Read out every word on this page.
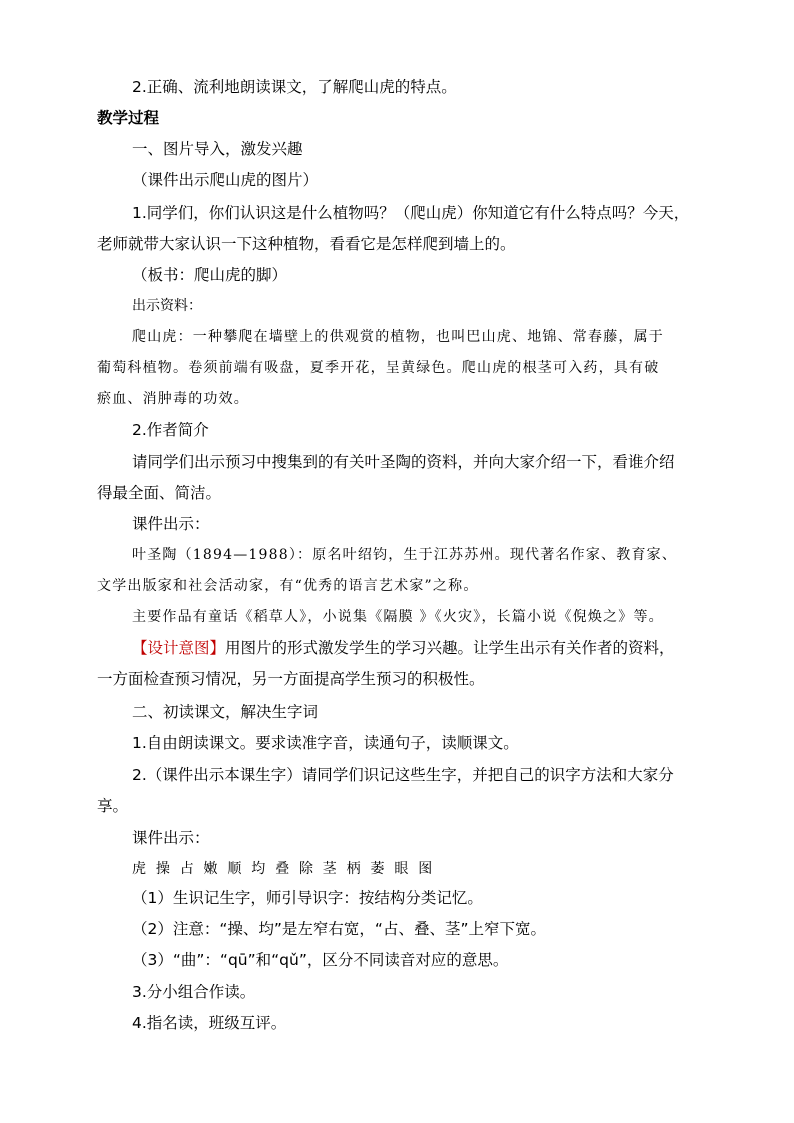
2.正确、流利地朗读课文，了解爬山虎的特点。
教学过程
一、图片导入，激发兴趣
（课件出示爬山虎的图片）
1.同学们，你们认识这是什么植物吗？（爬山虎）你知道它有什么特点吗？今天，
老师就带大家认识一下这种植物，看看它是怎样爬到墙上的。
（板书：爬山虎的脚）
出示资料：
爬山虎：一种攀爬在墙壁上的供观赏的植物，也叫巴山虎、地锦、常春藤，属于
葡萄科植物。卷须前端有吸盘，夏季开花，呈黄绿色。爬山虎的根茎可入药，具有破
瘀血、消肿毒的功效。
2.作者简介
请同学们出示预习中搜集到的有关叶圣陶的资料，并向大家介绍一下，看谁介绍
得最全面、简洁。
课件出示：
叶圣陶（1894—1988）：原名叶绍钧，生于江苏苏州。现代著名作家、教育家、
文学出版家和社会活动家，有“优秀的语言艺术家”之称。
主要作品有童话《稻草人》，小说集《隔膜 》《火灾》，长篇小说《倪焕之》等。
【设计意图】用图片的形式激发学生的学习兴趣。让学生出示有关作者的资料，
一方面检查预习情况，另一方面提高学生预习的积极性。
二、初读课文，解决生字词
1.自由朗读课文。要求读准字音，读通句子，读顺课文。
2.（课件出示本课生字）请同学们识记这些生字，并把自己的识字方法和大家分
享。
课件出示：
虎 操 占 嫩 顺 均 叠 除 茎 柄 萎 眼 图
（1）生识记生字，师引导识字：按结构分类记忆。
（2）注意：“操、均”是左窄右宽，“占、叠、茎”上窄下宽。
（3）“曲”：“qū”和“qǔ”，区分不同读音对应的意思。
3.分小组合作读。
4.指名读，班级互评。
